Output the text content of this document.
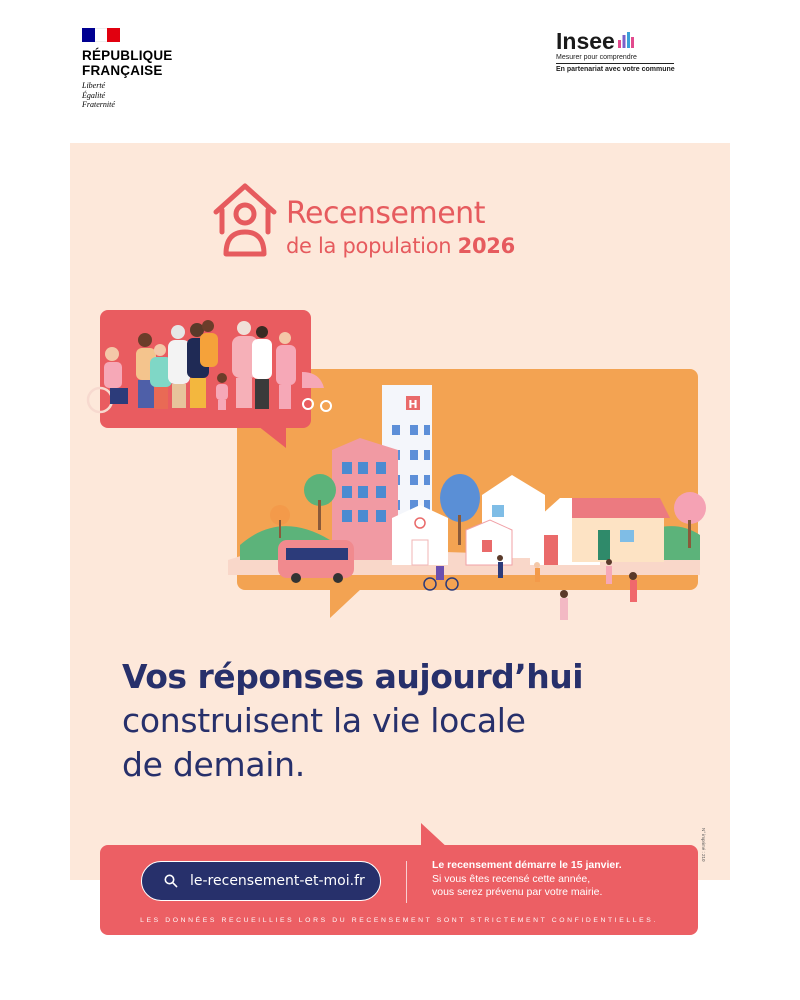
RÉPUBLIQUE
FRANÇAISE
Liberté
Égalité
Fraternité
Insee
Mesurer pour comprendre
En partenariat avec votre commune
Recensement
de la population 2026
H
Vos réponses aujourd’hui
construisent la vie locale
de demain.
N° imprimé : 210
le-recensement-et-moi.fr
Le recensement démarre le 15 janvier.
Si vous êtes recensé cette année,
vous serez prévenu par votre mairie.
LES DONNÉES RECUEILLIES LORS DU RECENSEMENT SONT STRICTEMENT CONFIDENTIELLES.
